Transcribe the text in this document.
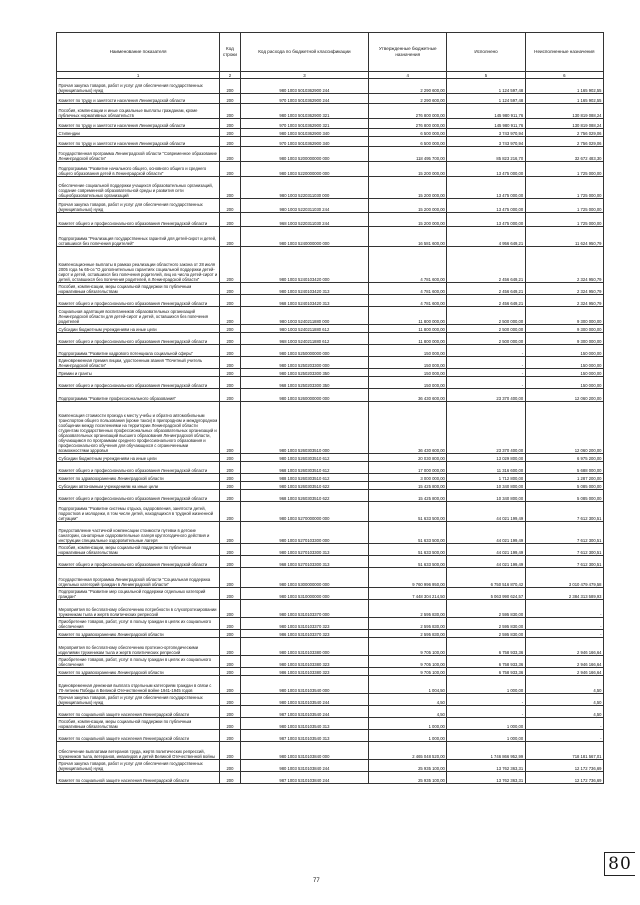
Наименование показателя	Код строки	Код расхода по бюджетной классификации	Утвержденные бюджетные назначения	Исполнено	Неисполненные назначения
1	2	3	4	5	6
Прочая закупка товаров, работ и услуг для обеспечения государственных (муниципальных) нужд	200	980 1003 5010362900 244	2 290 600,00	1 124 597,48	1 165 902,55
Комитет по труду и занятости населения Ленинградской области	200	970 1003 5010362900 244	2 290 600,00	1 124 597,48	1 165 902,55
Пособия, компенсации и иные социальные выплаты гражданам, кроме публичных нормативных обязательств	200	980 1003 5010362900 321	276 800 000,00	145 980 911,76	130 819 088,24
Комитет по труду и занятости населения Ленинградской области	200	970 1003 5010362900 321	276 800 000,00	145 980 911,76	130 819 088,24
Стипендии	200	980 1003 5010362900 340	6 500 000,00	3 743 970,94	2 756 029,06
Комитет по труду и занятости населения Ленинградской области	200	970 1003 5010362900 340	6 500 000,00	3 743 970,94	2 756 029,06
Государственная программа Ленинградской области "Современное образование Ленинградской области"	200	980 1003 5200000000 000	118 495 700,00	85 823 216,70	32 672 483,30
Подпрограмма "Развитие начального общего, основного общего и среднего общего образования детей в Ленинградской области"	200	980 1003 5220000000 000	15 200 000,00	13 475 000,00	1 725 000,00
Обеспечение социальной поддержки учащихся образовательных организаций, создание современной образовательной среды и развития сети общеобразовательных организаций	200	980 1003 5220311030 000	15 200 000,00	13 475 000,00	1 725 000,00
Прочая закупка товаров, работ и услуг для обеспечения государственных (муниципальных) нужд	200	980 1003 5220311030 244	15 200 000,00	13 475 000,00	1 725 000,00
Комитет общего и профессионального образования Ленинградской области	200	968 1003 5220311030 244	15 200 000,00	13 475 000,00	1 725 000,00
Подпрограмма "Реализация государственных гарантий для детей-сирот и детей, оставшихся без попечения родителей"	200	980 1003 5240000000 000	16 581 600,00	4 956 649,21	11 624 950,79
Компенсационные выплаты в рамках реализации областного закона от 28 июля 2005 года № 65-оз "О дополнительных гарантиях социальной поддержки детей-сирот и детей, оставшихся без попечения родителей, лиц из числа детей-сирот и детей, оставшихся без попечения родителей, в Ленинградской области"	200	980 1003 5240103420 000	4 781 600,00	2 456 649,21	2 324 950,79
Пособия, компенсации, меры социальной поддержки по публичным нормативным обязательствам	200	980 1003 5240103420 313	4 781 600,00	2 456 649,21	2 324 950,79
Комитет общего и профессионального образования Ленинградской области	200	968 1003 5240103420 313	4 781 600,00	2 456 649,21	2 324 950,79
Социальная адаптация воспитанников образовательных организаций Ленинградской области для детей-сирот и детей, оставшихся без попечения родителей	200	980 1003 5240211880 000	11 800 000,00	2 500 000,00	9 300 000,00
Субсидии бюджетным учреждениям на иные цели	200	980 1003 5240211880 612	11 800 000,00	2 500 000,00	9 300 000,00
Комитет общего и профессионального образования Ленинградской области	200	968 1003 5240211880 612	11 800 000,00	2 500 000,00	9 300 000,00
Подпрограмма "Развитие кадрового потенциала социальной сферы"	200	980 1003 5250000000 000	150 000,00	-	150 000,00
Единовременная премия лицам, удостоенным звания "Почетный учитель Ленинградской области"	200	980 1003 5250203300 000	150 000,00	-	150 000,00
Премии и гранты	200	980 1003 5250203300 350	150 000,00	-	150 000,00
Комитет общего и профессионального образования Ленинградской области	200	968 1003 5250203300 350	150 000,00	-	150 000,00
Подпрограмма "Развитие профессионального образования"	200	980 1003 5260000000 000	36 430 600,00	23 370 400,00	12 060 200,00
Компенсация стоимости проезда к месту учебы и обратно автомобильным транспортом общего пользования (кроме такси) в пригородном и междугородном сообщении между поселениями на территории Ленинградской области студентам государственных профессиональных образовательных организаций и образовательных организаций высшего образования Ленинградской области, обучающимся по программам среднего профессионального образования и профессионального обучения для обучающихся с ограниченными возможностями здоровья	200	980 1003 5260303510 000	36 430 600,00	23 370 400,00	12 060 200,00
Субсидии бюджетным учреждениям на иные цели	200	980 1003 5260303510 612	20 030 800,00	13 029 800,00	6 975 200,00
Комитет общего и профессионального образования Ленинградской области	200	968 1003 5260303510 612	17 000 000,00	11 316 600,00	5 688 000,00
Комитет по здравоохранению Ленинградской области	200	988 1003 5260303510 612	3 000 000,00	1 712 800,00	1 287 200,00
Субсидии автономным учреждениям на иные цели	200	980 1003 5260303510 622	15 425 800,00	10 340 800,00	5 085 000,00
Комитет общего и профессионального образования Ленинградской области	200	968 1003 5260303510 622	15 425 800,00	10 340 800,00	5 085 000,00
Подпрограмма "Развитие системы отдыха, оздоровления, занятости детей, подростков и молодежи, в том числе детей, находящихся в трудной жизненной ситуации"	200	980 1003 5270000000 000	51 633 500,00	44 021 199,49	7 612 300,51
Предоставление частичной компенсации стоимости путевки в детские санатории, санаторные оздоровительные лагеря круглогодичного действия и инструкции специальные оздоровительные лагеря	200	980 1003 5270103300 000	51 633 500,00	44 021 199,49	7 612 300,51
Пособия, компенсации, меры социальной поддержки по публичным нормативным обязательствам	200	980 1003 5270103300 313	51 633 500,00	44 021 199,49	7 612 300,51
Комитет общего и профессионального образования Ленинградской области	200	968 1003 5270103300 313	51 633 500,00	44 021 199,49	7 612 300,51
Государственная программа Ленинградской области "Социальная поддержка отдельных категорий граждан в Ленинградской области"	200	980 1003 5300000000 000	9 760 996 950,00	6 750 516 870,42	3 010 479 479,58
Подпрограмма "Развитие мер социальной поддержки отдельных категорий граждан"	200	980 1003 5310000000 000	7 448 304 214,50	5 063 990 624,57	2 384 313 589,93
Мероприятия по бесплатному обеспечению потребности в слухопротезировании труженикам тыла и жертв политических репрессий	200	980 1003 5310103370 000	2 595 830,00	2 595 830,00	-
Приобретение товаров, работ, услуг в пользу граждан в целях их социального обеспечения	200	980 1003 5310103370 323	2 595 830,00	2 595 830,00	-
Комитет по здравоохранению Ленинградской области	200	986 1003 5310103370 323	2 595 830,00	2 595 830,00	-
Мероприятия по бесплатному обеспечению протезно-ортопедическими изделиями труженикам тыла и жертв политических репрессий	200	980 1003 5310103380 000	9 705 100,00	6 758 933,36	2 946 166,64
Приобретение товаров, работ, услуг в пользу граждан в целях их социального обеспечения	200	980 1003 5310103380 323	9 705 100,00	6 758 933,36	2 946 166,64
Комитет по здравоохранению Ленинградской области	200	986 1003 5310103380 323	9 705 100,00	6 758 933,36	2 946 166,64
Единовременная денежная выплата отдельным категориям граждан в связи с 70-летием Победы в Великой Отечественной войне 1941-1945 годов	200	980 1003 5310103540 000	1 004,50	1 000,00	4,50
Прочая закупка товаров, работ и услуг для обеспечения государственных (муниципальных) нужд	200	980 1003 5310103540 244	4,50	-	4,50
Комитет по социальной защите населения Ленинградской области	200	987 1003 5310103540 244	4,50	-	4,50
Пособия, компенсации, меры социальной поддержки по публичным нормативным обязательствам	200	980 1003 5310103540 313	1 000,00	1 000,00	-
Комитет по социальной защите населения Ленинградской области	200	987 1003 5310103540 313	1 000,00	1 000,00	-
Обеспечение выплатами ветеранов труда, жертв политических репрессий, тружеников тыла, ветеранов, инвалидов и детей Великой Отечественной войны	200	980 1003 5310103840 000	2 465 048 520,00	1 746 866 952,99	718 181 567,01
Прочая закупка товаров, работ и услуг для обеспечения государственных (муниципальных) нужд	200	980 1003 5310103840 244	25 935 100,00	13 762 363,31	12 172 736,69
Комитет по социальной защите населения Ленинградской области	200	987 1003 5310103840 244	25 935 100,00	13 762 363,31	12 172 736,69
77
80
